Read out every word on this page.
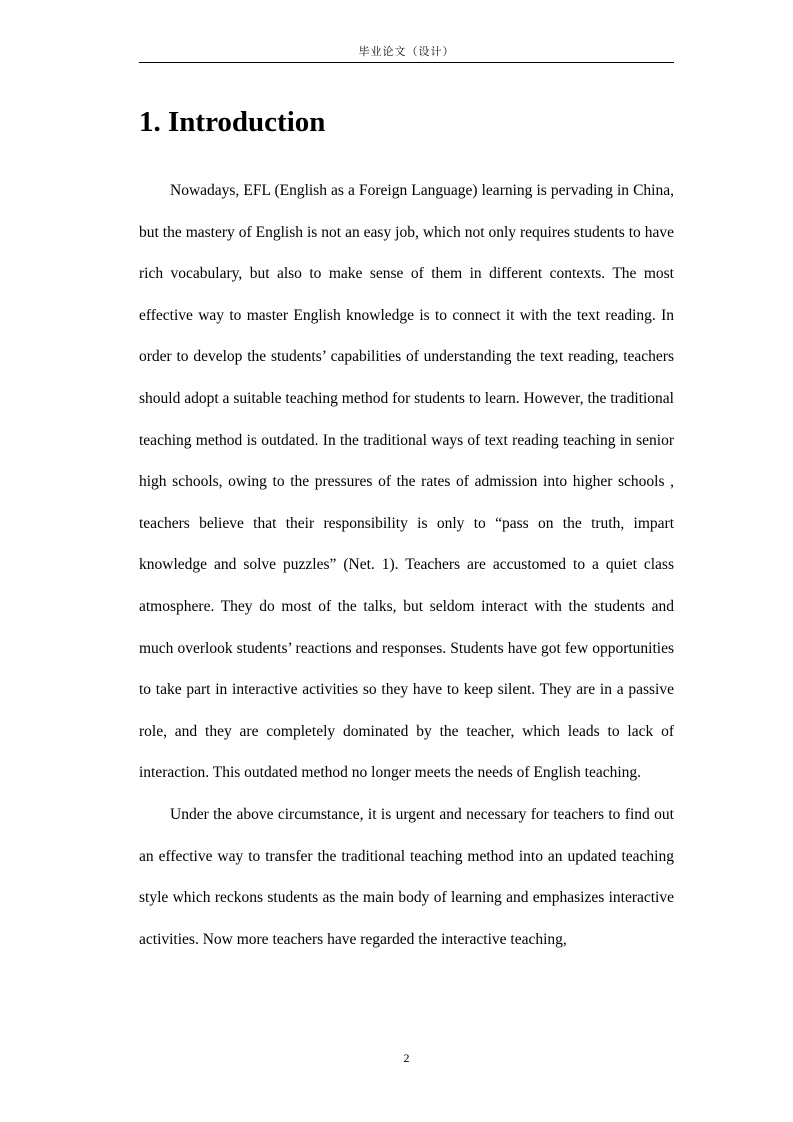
毕业论文（设计）
1. Introduction

Nowadays, EFL (English as a Foreign Language) learning is pervading in China, but the mastery of English is not an easy job, which not only requires students to have rich vocabulary, but also to make sense of them in different contexts. The most effective way to master English knowledge is to connect it with the text reading. In order to develop the students’ capabilities of understanding the text reading, teachers should adopt a suitable teaching method for students to learn. However, the traditional teaching method is outdated. In the traditional ways of text reading teaching in senior high schools, owing to the pressures of the rates of admission into higher schools , teachers believe that their responsibility is only to “pass on the truth, impart knowledge and solve puzzles” (Net. 1). Teachers are accustomed to a quiet class atmosphere. They do most of the talks, but seldom interact with the students and much overlook students’ reactions and responses. Students have got few opportunities to take part in interactive activities so they have to keep silent. They are in a passive role, and they are completely dominated by the teacher, which leads to lack of interaction. This outdated method no longer meets the needs of English teaching.

Under the above circumstance, it is urgent and necessary for teachers to find out an effective way to transfer the traditional teaching method into an updated teaching style which reckons students as the main body of learning and emphasizes interactive activities. Now more teachers have regarded the interactive teaching,

2
